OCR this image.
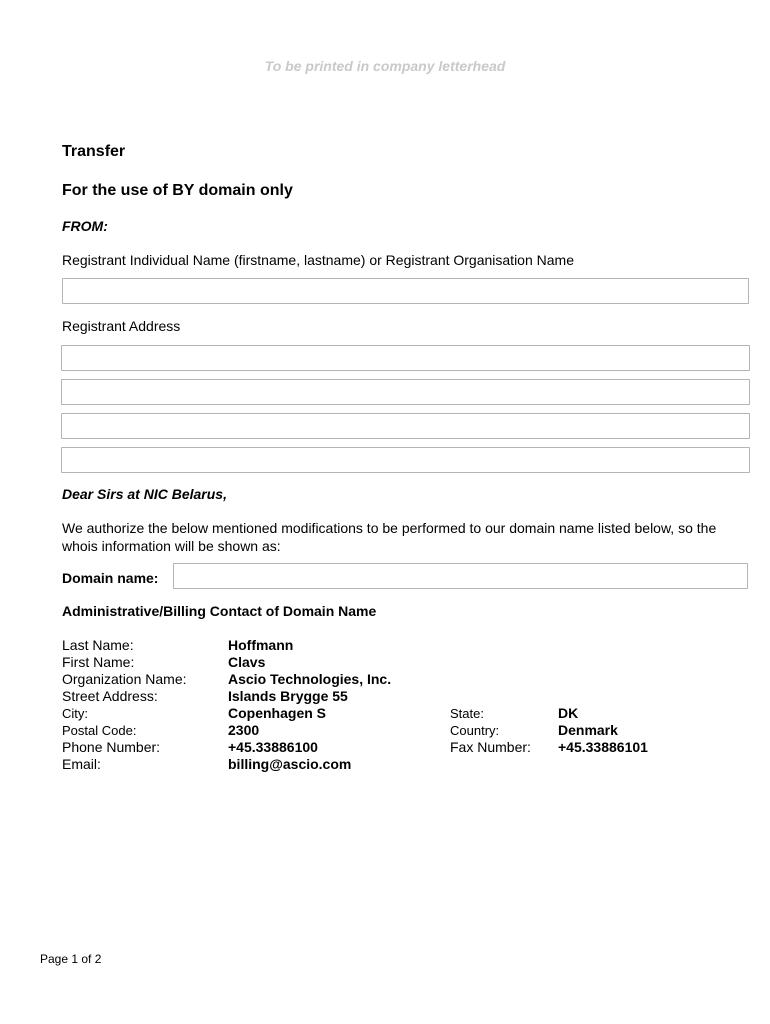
To be printed in company letterhead
Transfer
For the use of BY domain only
FROM:
Registrant Individual Name (firstname, lastname) or Registrant Organisation Name
Registrant Address
Dear Sirs at NIC Belarus,
We authorize the below mentioned modifications to be performed to our domain name listed below, so the whois information will be shown as:
Domain name:
Administrative/Billing Contact of Domain Name
Last Name:
First Name:
Organization Name:
Street Address:
City:
Postal Code:
Phone Number:
Email:
Hoffmann
Clavs
Ascio Technologies, Inc.
Islands Brygge 55
Copenhagen S
2300
+45.33886100
billing@ascio.com
State:
Country:
Fax Number:
DK
Denmark
+45.33886101
Page 1 of 2
